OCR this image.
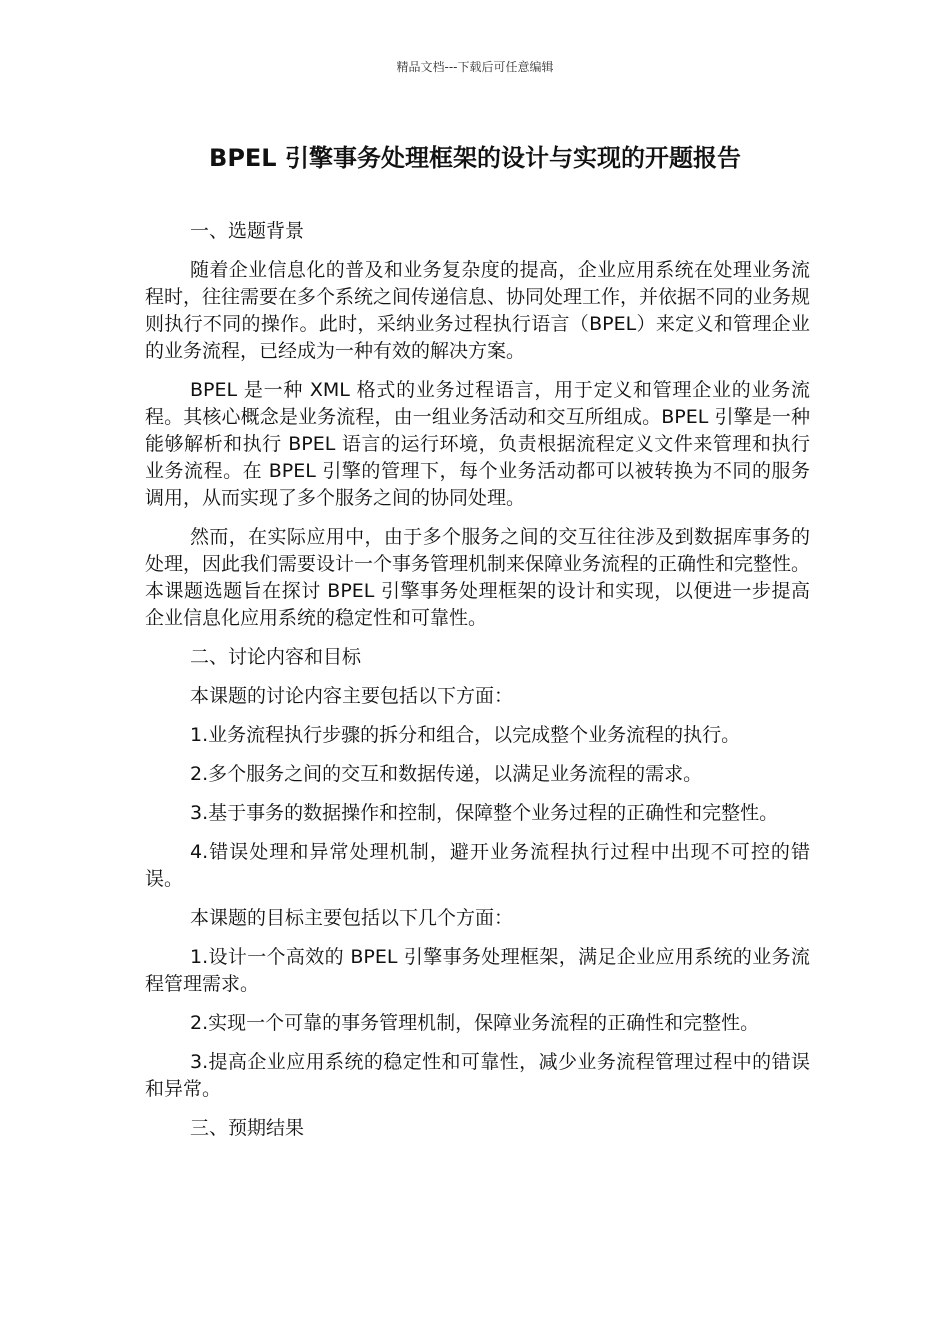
精品文档---下载后可任意编辑
BPEL 引擎事务处理框架的设计与实现的开题报告

一、选题背景

随着企业信息化的普及和业务复杂度的提高，企业应用系统在处理业务流程时，往往需要在多个系统之间传递信息、协同处理工作，并依据不同的业务规则执行不同的操作。此时，采纳业务过程执行语言（BPEL）来定义和管理企业的业务流程，已经成为一种有效的解决方案。

BPEL 是一种 XML 格式的业务过程语言，用于定义和管理企业的业务流程。其核心概念是业务流程，由一组业务活动和交互所组成。BPEL 引擎是一种能够解析和执行 BPEL 语言的运行环境，负责根据流程定义文件来管理和执行业务流程。在 BPEL 引擎的管理下，每个业务活动都可以被转换为不同的服务调用，从而实现了多个服务之间的协同处理。

然而，在实际应用中，由于多个服务之间的交互往往涉及到数据库事务的处理，因此我们需要设计一个事务管理机制来保障业务流程的正确性和完整性。本课题选题旨在探讨 BPEL 引擎事务处理框架的设计和实现，以便进一步提高企业信息化应用系统的稳定性和可靠性。

二、讨论内容和目标

本课题的讨论内容主要包括以下方面：

1.业务流程执行步骤的拆分和组合，以完成整个业务流程的执行。

2.多个服务之间的交互和数据传递，以满足业务流程的需求。

3.基于事务的数据操作和控制，保障整个业务过程的正确性和完整性。

4.错误处理和异常处理机制，避开业务流程执行过程中出现不可控的错误。

本课题的目标主要包括以下几个方面：

1.设计一个高效的 BPEL 引擎事务处理框架，满足企业应用系统的业务流程管理需求。

2.实现一个可靠的事务管理机制，保障业务流程的正确性和完整性。

3.提高企业应用系统的稳定性和可靠性，减少业务流程管理过程中的错误和异常。

三、预期结果
